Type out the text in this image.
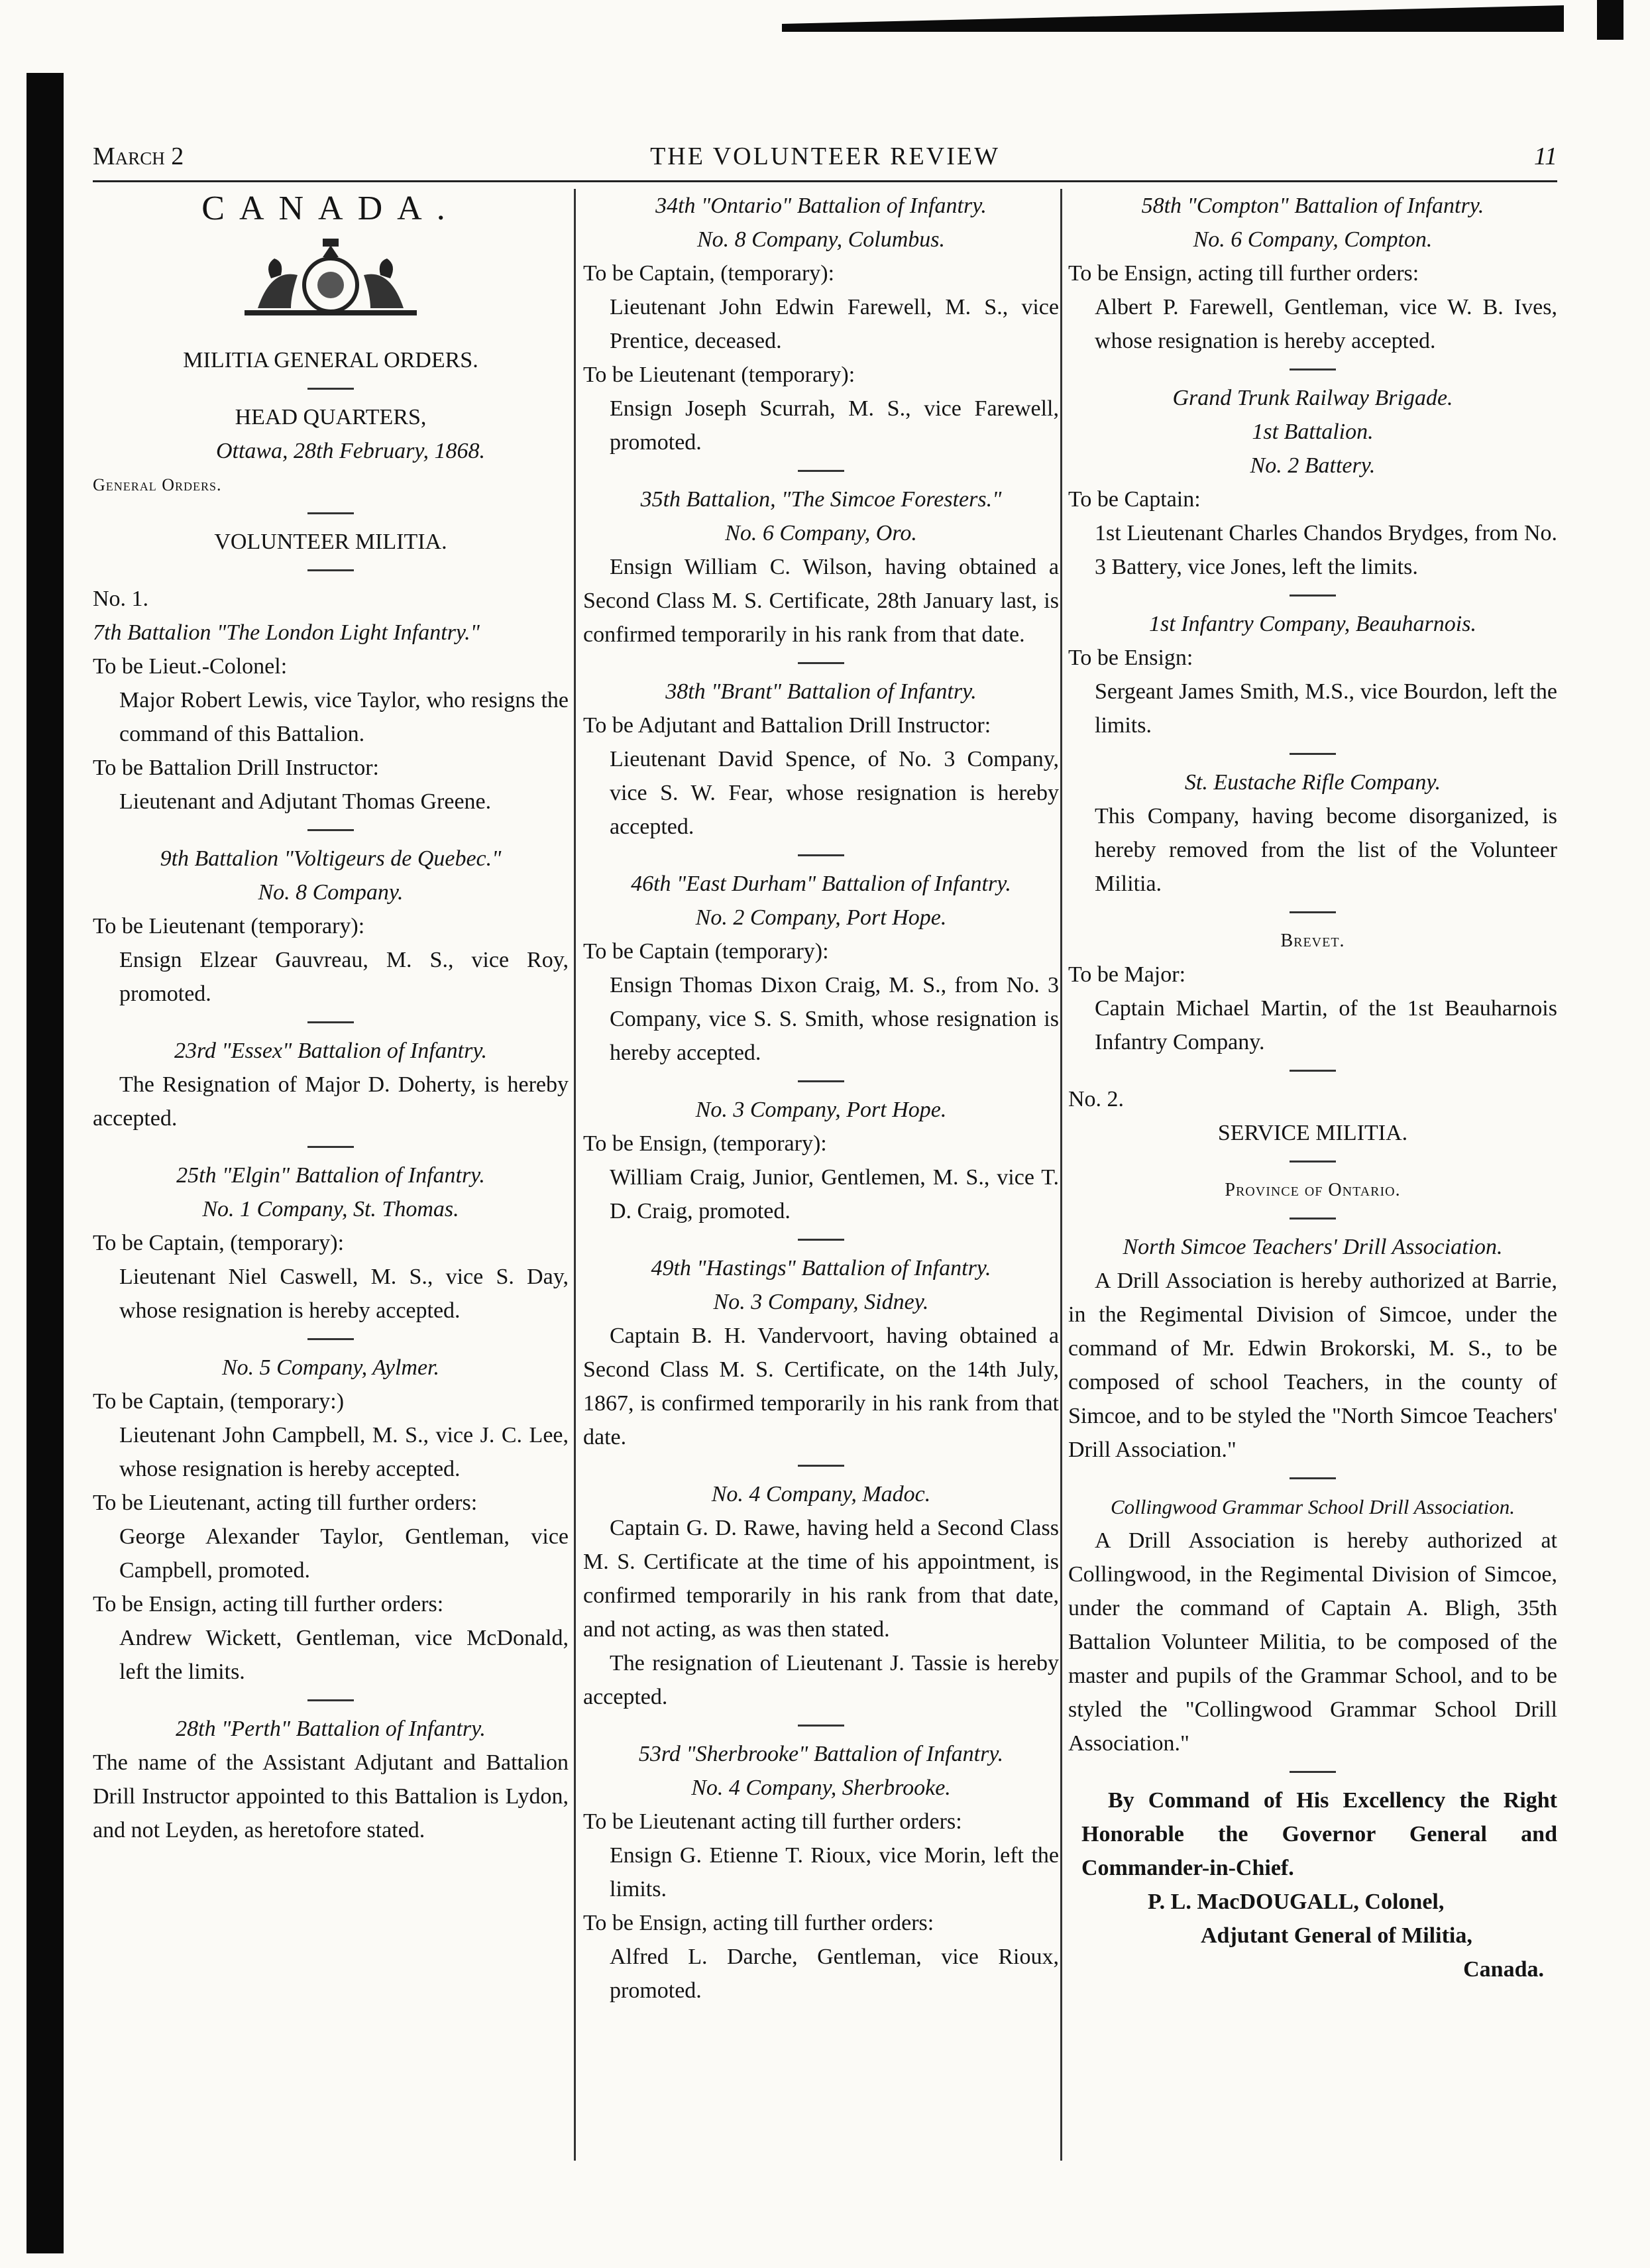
March 2	THE VOLUNTEER REVIEW	11
CANADA.

MILITIA GENERAL ORDERS.

HEAD QUARTERS,

Ottawa, 28th February, 1868.

General Orders.

VOLUNTEER MILITIA.

No. 1.

7th Battalion "The London Light Infantry."

To be Lieut.-Colonel:

Major Robert Lewis, vice Taylor, who resigns the command of this Battalion.

To be Battalion Drill Instructor:

Lieutenant and Adjutant Thomas Greene.

9th Battalion "Voltigeurs de Quebec."

No. 8 Company.

To be Lieutenant (temporary):

Ensign Elzear Gauvreau, M. S., vice Roy, promoted.

23rd "Essex" Battalion of Infantry.

The Resignation of Major D. Doherty, is hereby accepted.

25th "Elgin" Battalion of Infantry.

No. 1 Company, St. Thomas.

To be Captain, (temporary):

Lieutenant Niel Caswell, M. S., vice S. Day, whose resignation is hereby accepted.

No. 5 Company, Aylmer.

To be Captain, (temporary:)

Lieutenant John Campbell, M. S., vice J. C. Lee, whose resignation is hereby accepted.

To be Lieutenant, acting till further orders:

George Alexander Taylor, Gentleman, vice Campbell, promoted.

To be Ensign, acting till further orders:

Andrew Wickett, Gentleman, vice McDonald, left the limits.

28th "Perth" Battalion of Infantry.

The name of the Assistant Adjutant and Battalion Drill Instructor appointed to this Battalion is Lydon, and not Leyden, as heretofore stated.

34th "Ontario" Battalion of Infantry.

No. 8 Company, Columbus.

To be Captain, (temporary):

Lieutenant John Edwin Farewell, M. S., vice Prentice, deceased.

To be Lieutenant (temporary):

Ensign Joseph Scurrah, M. S., vice Farewell, promoted.

35th Battalion, "The Simcoe Foresters."

No. 6 Company, Oro.

Ensign William C. Wilson, having obtained a Second Class M. S. Certificate, 28th January last, is confirmed temporarily in his rank from that date.

38th "Brant" Battalion of Infantry.

To be Adjutant and Battalion Drill Instructor:

Lieutenant David Spence, of No. 3 Company, vice S. W. Fear, whose resignation is hereby accepted.

46th "East Durham" Battalion of Infantry.

No. 2 Company, Port Hope.

To be Captain (temporary):

Ensign Thomas Dixon Craig, M. S., from No. 3 Company, vice S. S. Smith, whose resignation is hereby accepted.

No. 3 Company, Port Hope.

To be Ensign, (temporary):

William Craig, Junior, Gentlemen, M. S., vice T. D. Craig, promoted.

49th "Hastings" Battalion of Infantry.

No. 3 Company, Sidney.

Captain B. H. Vandervoort, having obtained a Second Class M. S. Certificate, on the 14th July, 1867, is confirmed temporarily in his rank from that date.

No. 4 Company, Madoc.

Captain G. D. Rawe, having held a Second Class M. S. Certificate at the time of his appointment, is confirmed temporarily in his rank from that date, and not acting, as was then stated.

The resignation of Lieutenant J. Tassie is hereby accepted.

53rd "Sherbrooke" Battalion of Infantry.

No. 4 Company, Sherbrooke.

To be Lieutenant acting till further orders:

Ensign G. Etienne T. Rioux, vice Morin, left the limits.

To be Ensign, acting till further orders:

Alfred L. Darche, Gentleman, vice Rioux, promoted.

58th "Compton" Battalion of Infantry.

No. 6 Company, Compton.

To be Ensign, acting till further orders:

Albert P. Farewell, Gentleman, vice W. B. Ives, whose resignation is hereby accepted.

Grand Trunk Railway Brigade.

1st Battalion.

No. 2 Battery.

To be Captain:

1st Lieutenant Charles Chandos Brydges, from No. 3 Battery, vice Jones, left the limits.

1st Infantry Company, Beauharnois.

To be Ensign:

Sergeant James Smith, M.S., vice Bourdon, left the limits.

St. Eustache Rifle Company.

This Company, having become disorganized, is hereby removed from the list of the Volunteer Militia.

Brevet.

To be Major:

Captain Michael Martin, of the 1st Beauharnois Infantry Company.

No. 2.

SERVICE MILITIA.

Province of Ontario.

North Simcoe Teachers' Drill Association.

A Drill Association is hereby authorized at Barrie, in the Regimental Division of Simcoe, under the command of Mr. Edwin Brokorski, M. S., to be composed of school Teachers, in the county of Simcoe, and to be styled the "North Simcoe Teachers' Drill Association."

Collingwood Grammar School Drill Association.

A Drill Association is hereby authorized at Collingwood, in the Regimental Division of Simcoe, under the command of Captain A. Bligh, 35th Battalion Volunteer Militia, to be composed of the master and pupils of the Grammar School, and to be styled the "Collingwood Grammar School Drill Association."

By Command of His Excellency the Right Honorable the Governor General and Commander-in-Chief.

P. L. MacDOUGALL, Colonel,

Adjutant General of Militia,

Canada.
